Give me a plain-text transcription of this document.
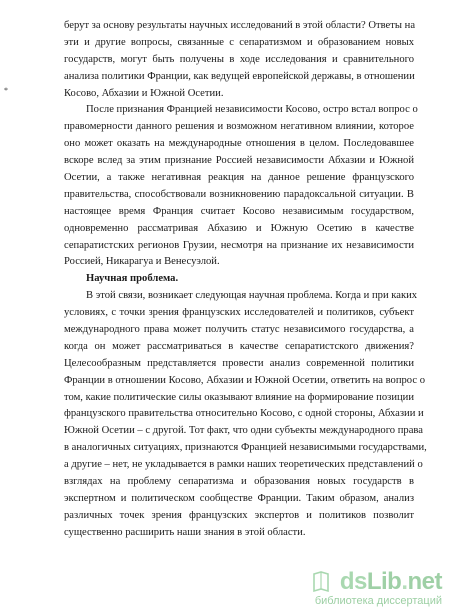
*
берут за основу результаты научных исследований в этой области? Ответы на
эти и другие вопросы, связанные с сепаратизмом и образованием новых
государств, могут быть получены в ходе исследования и сравнительного
анализа политики Франции, как ведущей европейской державы, в отношении
Косово, Абхазии и Южной Осетии.
После признания Францией независимости Косово, остро встал вопрос о
правомерности данного решения и возможном негативном влиянии, которое
оно может оказать на международные отношения в целом. Последовавшее
вскоре вслед за этим признание Россией независимости Абхазии и Южной
Осетии, а также негативная реакция на данное решение французского
правительства, способствовали возникновению парадоксальной ситуации. В
настоящее время Франция считает Косово независимым государством,
одновременно рассматривая Абхазию и Южную Осетию в качестве
сепаратистских регионов Грузии, несмотря на признание их независимости
Россией, Никарагуа и Венесуэлой.
Научная проблема.
В этой связи, возникает следующая научная проблема. Когда и при каких
условиях, с точки зрения французских исследователей и политиков, субъект
международного права может получить статус независимого государства, а
когда он может рассматриваться в качестве сепаратистского движения?
Целесообразным представляется провести анализ современной политики
Франции в отношении Косово, Абхазии и Южной Осетии, ответить на вопрос о
том, какие политические силы оказывают влияние на формирование позиции
французского правительства относительно Косово, с одной стороны, Абхазии и
Южной Осетии – с другой. Тот факт, что одни субъекты международного права
в аналогичных ситуациях, признаются Францией независимыми государствами,
а другие – нет, не укладывается в рамки наших теоретических представлений о
взглядах на проблему сепаратизма и образования новых государств в
экспертном и политическом сообществе Франции. Таким образом, анализ
различных точек зрения французских экспертов и политиков позволит
существенно расширить наши знания в этой области.
dsLib.net
библиотека диссертаций
